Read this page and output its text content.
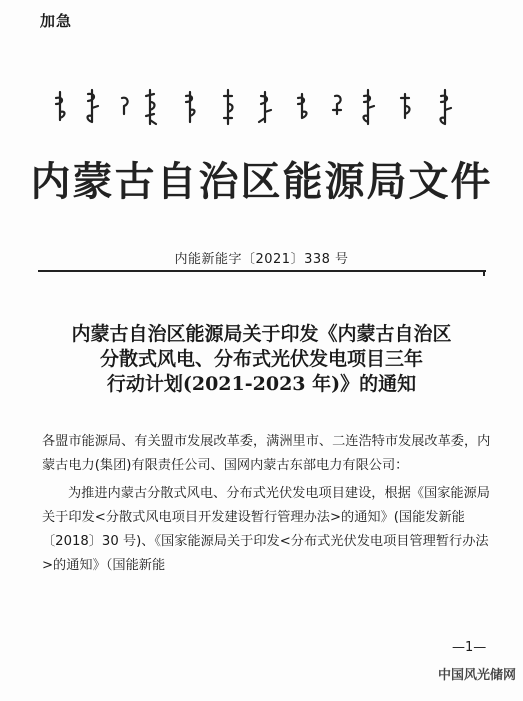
加急
内蒙古自治区能源局文件
内能新能字〔2021〕338 号
内蒙古自治区能源局关于印发《内蒙古自治区
分散式风电、分布式光伏发电项目三年
行动计划(2021-2023 年)》的通知

各盟市能源局、有关盟市发展改革委，满洲里市、二连浩特市发展改革委，内蒙古电力(集团)有限责任公司、国网内蒙古东部电力有限公司：

为推进内蒙古分散式风电、分布式光伏发电项目建设，根据《国家能源局关于印发<分散式风电项目开发建设暂行管理办法>的通知》(国能发新能〔2018〕30 号)、《国家能源局关于印发<分布式光伏发电项目管理暂行办法>的通知》（国能新能

—1—
中国风光储网
